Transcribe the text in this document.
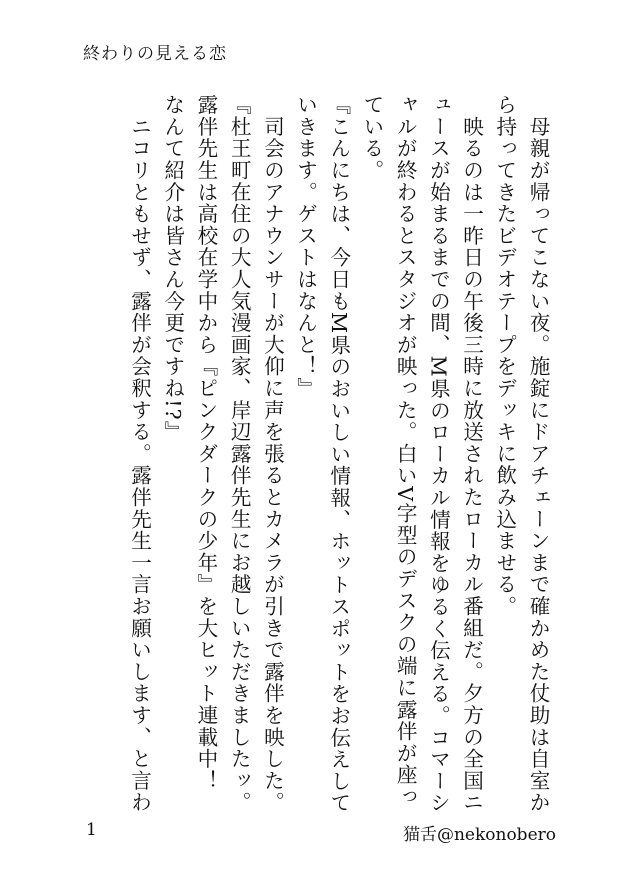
終わりの見える恋

　母親が帰ってこない夜。施錠にドアチェーンまで確かめた仗助は自室か

ら持ってきたビデオテープをデッキに飲み込ませる。

　映るのは一昨日の午後三時に放送されたローカル番組だ。夕方の全国ニ

ュースが始まるまでの間、M県のローカル情報をゆるく伝える。コマーシ

ャルが終わるとスタジオが映った。白いV字型のデスクの端に露伴が座っ

ている。

『こんにちは、今日もM県のおいしい情報、ホットスポットをお伝えして

いきます。ゲストはなんと！』

　司会のアナウンサーが大仰に声を張るとカメラが引きで露伴を映した。

『杜王町在住の大人気漫画家、岸辺露伴先生にお越しいただきましたッ。

露伴先生は高校在学中から『ピンクダークの少年』を大ヒット連載中！

なんて紹介は皆さん今更ですね!?』

　ニコリともせず、露伴が会釈する。露伴先生一言お願いします、と言わ

1	猫舌@nekonobero
